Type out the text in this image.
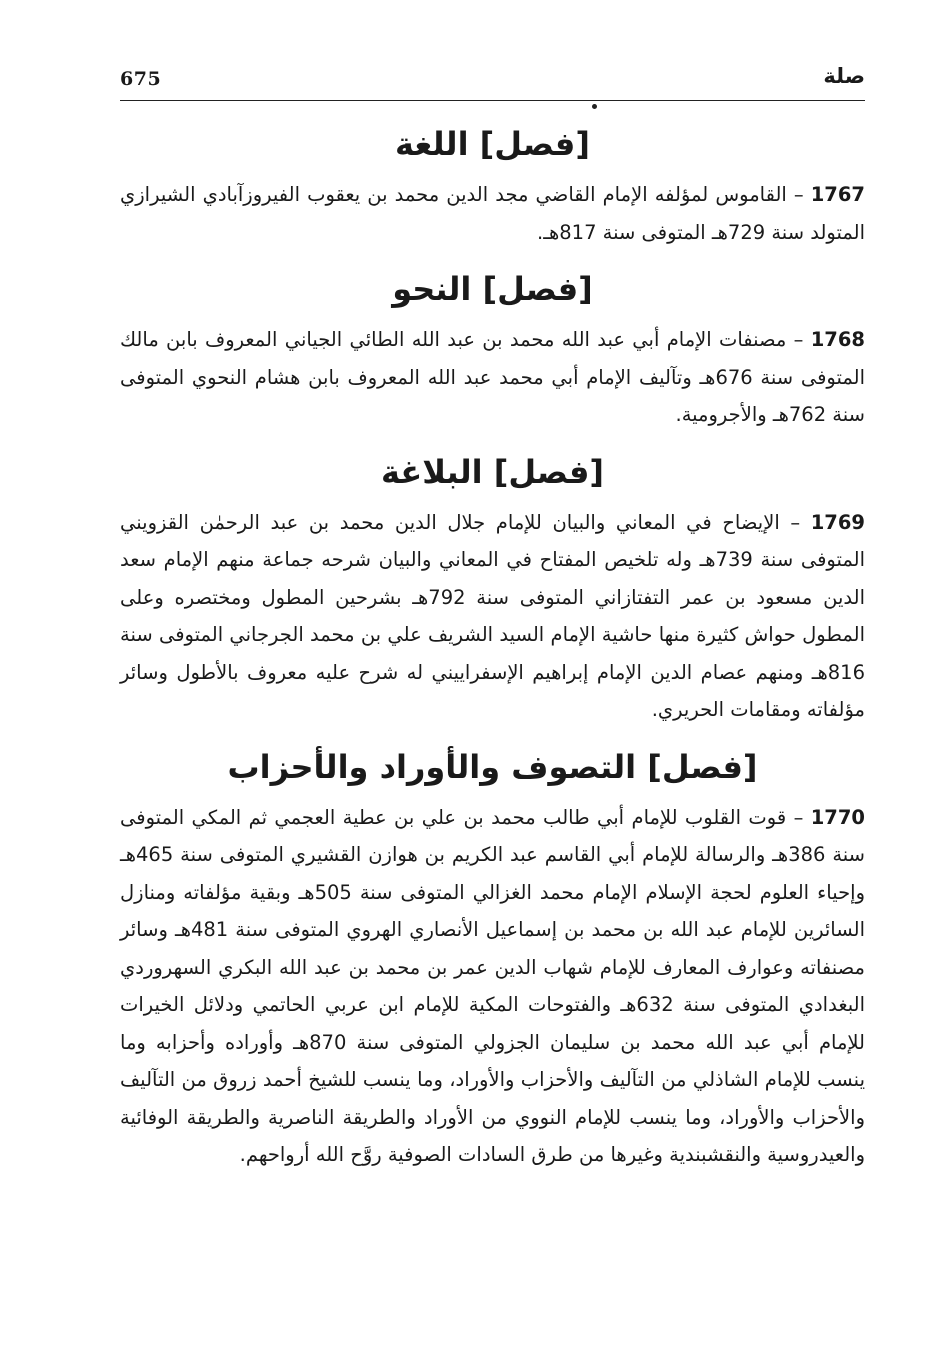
675	صلة
[فصل] اللغة

1767 – القاموس لمؤلفه الإمام القاضي مجد الدين محمد بن يعقوب الفيروزآبادي الشيرازي المتولد سنة 729هـ المتوفى سنة 817هـ.

[فصل] النحو

1768 – مصنفات الإمام أبي عبد الله محمد بن عبد الله الطائي الجياني المعروف بابن مالك المتوفى سنة 676هـ وتآليف الإمام أبي محمد عبد الله المعروف بابن هشام النحوي المتوفى سنة 762هـ والأجرومية.

[فصل] البلاغة

1769 – الإيضاح في المعاني والبيان للإمام جلال الدين محمد بن عبد الرحمٰن القزويني المتوفى سنة 739هـ وله تلخيص المفتاح في المعاني والبيان شرحه جماعة منهم الإمام سعد الدين مسعود بن عمر التفتازاني المتوفى سنة 792هـ بشرحين المطول ومختصره وعلى المطول حواش كثيرة منها حاشية الإمام السيد الشريف علي بن محمد الجرجاني المتوفى سنة 816هـ ومنهم عصام الدين الإمام إبراهيم الإسفراييني له شرح عليه معروف بالأطول وسائر مؤلفاته ومقامات الحريري.

[فصل] التصوف والأوراد والأحزاب

1770 – قوت القلوب للإمام أبي طالب محمد بن علي بن عطية العجمي ثم المكي المتوفى سنة 386هـ والرسالة للإمام أبي القاسم عبد الكريم بن هوازن القشيري المتوفى سنة 465هـ وإحياء العلوم لحجة الإسلام الإمام محمد الغزالي المتوفى سنة 505هـ وبقية مؤلفاته ومنازل السائرين للإمام عبد الله بن محمد بن إسماعيل الأنصاري الهروي المتوفى سنة 481هـ وسائر مصنفاته وعوارف المعارف للإمام شهاب الدين عمر بن محمد بن عبد الله البكري السهروردي البغدادي المتوفى سنة 632هـ والفتوحات المكية للإمام ابن عربي الحاتمي ودلائل الخيرات للإمام أبي عبد الله محمد بن سليمان الجزولي المتوفى سنة 870هـ وأوراده وأحزابه وما ينسب للإمام الشاذلي من التآليف والأحزاب والأوراد، وما ينسب للشيخ أحمد زروق من التآليف والأحزاب والأوراد، وما ينسب للإمام النووي من الأوراد والطريقة الناصرية والطريقة الوفائية والعيدروسية والنقشبندية وغيرها من طرق السادات الصوفية روَّح الله أرواحهم.
